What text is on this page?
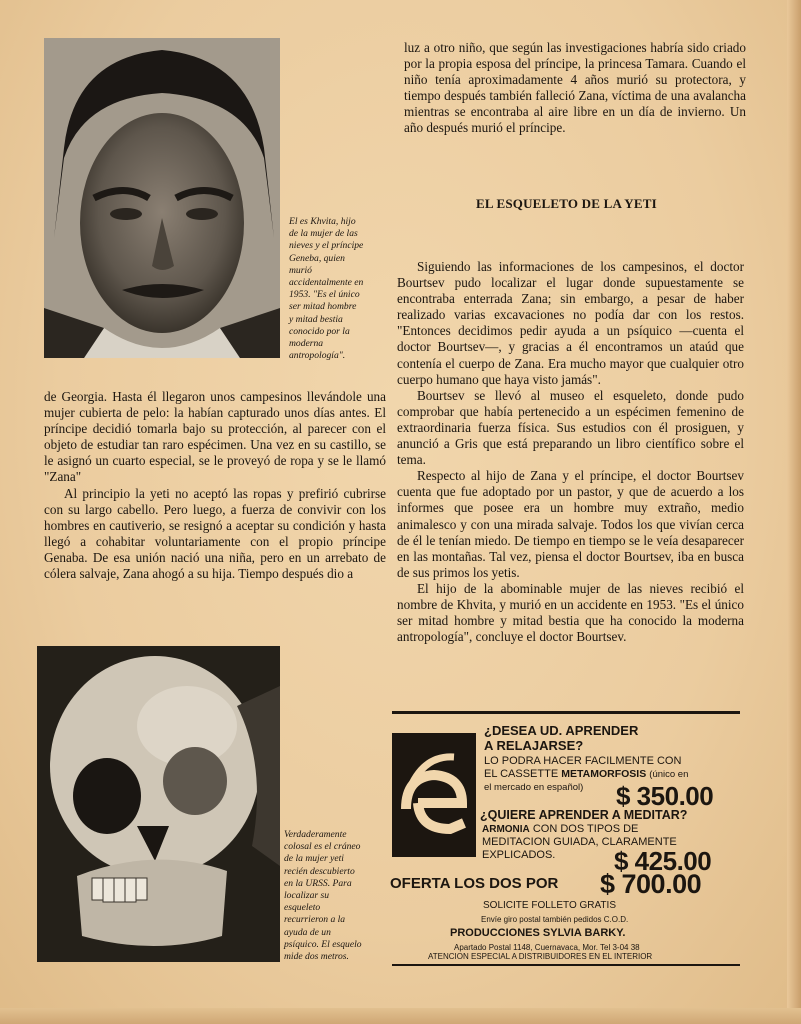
El es Khvita, hijo

de la mujer de las

nieves y el príncipe

Geneba, quien

murió

accidentalmente en

1953. "Es el único

ser mitad hombre

y mitad bestia

conocido por la

moderna

antropología".

de Georgia. Hasta él llegaron unos campesinos llevándole una mujer cubierta de pelo: la habían capturado unos días antes. El príncipe decidió tomarla bajo su protección, al parecer con el objeto de estudiar tan raro espécimen. Una vez en su castillo, se le asignó un cuarto especial, se le proveyó de ropa y se le llamó "Zana"

Al principio la yeti no aceptó las ropas y prefirió cubrirse con su largo cabello. Pero luego, a fuerza de convivir con los hombres en cautiverio, se resignó a aceptar su condición y hasta llegó a cohabitar voluntariamente con el propio príncipe Genaba. De esa unión nació una niña, pero en un arrebato de cólera salvaje, Zana ahogó a su hija. Tiempo después dio a

Verdaderamente

colosal es el cráneo

de la mujer yeti

recién descubierto

en la URSS. Para

localizar su

esqueleto

recurrieron a la

ayuda de un

psíquico. El esquelo

mide dos metros.

luz a otro niño, que según las investigaciones habría sido criado por la propia esposa del príncipe, la princesa Tamara. Cuando el niño tenía aproximadamente 4 años murió su protectora, y tiempo después también falleció Zana, víctima de una avalancha mientras se encontraba al aire libre en un día de invierno. Un año después murió el príncipe.

EL ESQUELETO DE LA YETI

Siguiendo las informaciones de los campesinos, el doctor Bourtsev pudo localizar el lugar donde supuestamente se encontraba enterrada Zana; sin embargo, a pesar de haber realizado varias excavaciones no podía dar con los restos. "Entonces decidimos pedir ayuda a un psíquico —cuenta el doctor Bourtsev—, y gracias a él encontramos un ataúd que contenía el cuerpo de Zana. Era mucho mayor que cualquier otro cuerpo humano que haya visto jamás".

Bourtsev se llevó al museo el esqueleto, donde pudo comprobar que había pertenecido a un espécimen femenino de extraordinaria fuerza física. Sus estudios con él prosiguen, y anunció a Gris que está preparando un libro científico sobre el tema.

Respecto al hijo de Zana y el príncipe, el doctor Bourtsev cuenta que fue adoptado por un pastor, y que de acuerdo a los informes que posee era un hombre muy extraño, medio animalesco y con una mirada salvaje. Todos los que vivían cerca de él le tenían miedo. De tiempo en tiempo se le veía desaparecer en las montañas. Tal vez, piensa el doctor Bourtsev, iba en busca de sus primos los yetis.

El hijo de la abominable mujer de las nieves recibió el nombre de Khvita, y murió en un accidente en 1953. "Es el único ser mitad hombre y mitad bestia que ha conocido la moderna antropología", concluye el doctor Bourtsev.

¿DESEA UD. APRENDER
A RELAJARSE?
LO PODRA HACER FACILMENTE CON
EL CASSETTE METAMORFOSIS (único en
el mercado en español) $ 350.00
¿QUIERE APRENDER A MEDITAR?
ARMONIA CON DOS TIPOS DE
MEDITACION GUIADA, CLARAMENTE
EXPLICADOS. $ 425.00
OFERTA LOS DOS POR $ 700.00
SOLICITE FOLLETO GRATIS
Envíe giro postal también pedidos C.O.D.
PRODUCCIONES SYLVIA BARKY.
Apartado Postal 1148, Cuernavaca, Mor. Tel 3-04 38
ATENCION ESPECIAL A DISTRIBUIDORES EN EL INTERIOR
